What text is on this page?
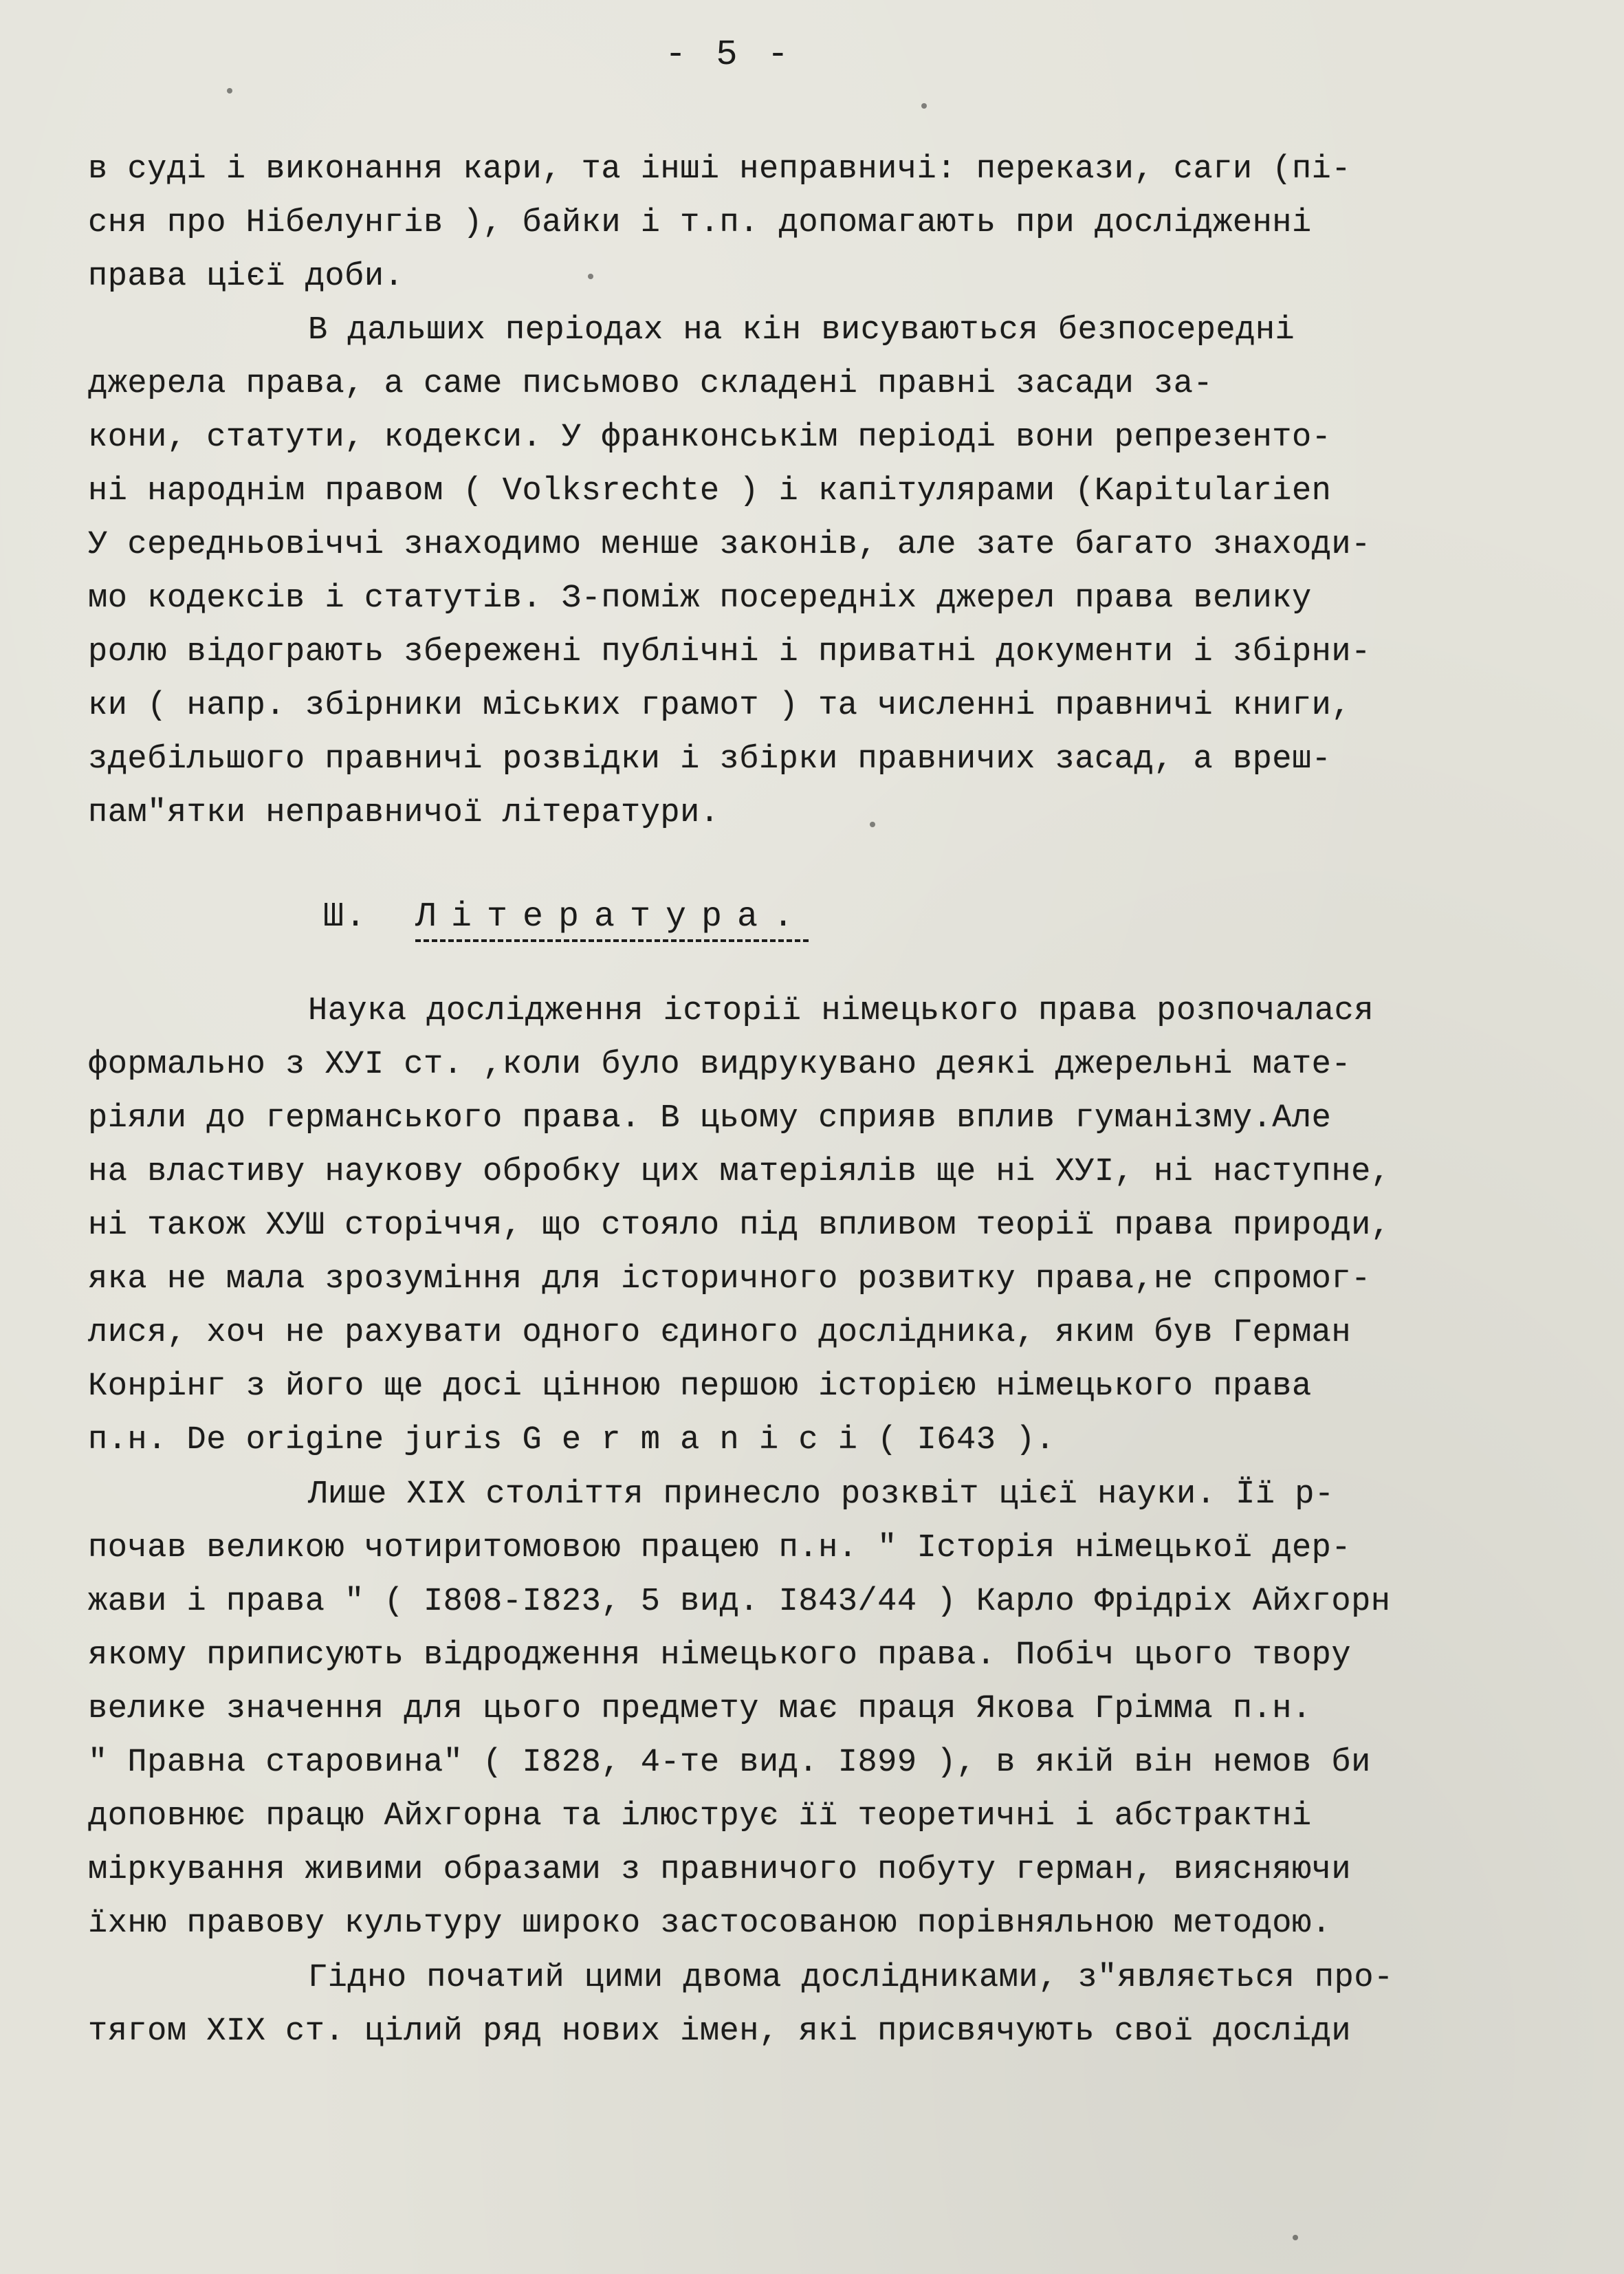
- 5 -
в суді і виконання кари, та інші неправничі: перекази, саги (пі-
сня про Нібелунгів ), байки і т.п. допомагають при дослідженні
права цієї доби.
В дальших періодах на кін висуваються безпосередні
джерела права, а саме письмово складені правні засади за-
кони, статути, кодекси. У франконськім періоді вони репрезенто-
ні народнім правом ( Volksrechte ) і капітулярами (Kapitularien
У середньовіччі знаходимо менше законів, але зате багато знаходи-
мо кодексів і статутів. З-поміж посередніх джерел права велику
ролю відограють збережені публічні і приватні документи і збірни-
ки ( напр. збірники міських грамот ) та численні правничі книги,
здебільшого правничі розвідки і збірки правничих засад, а вреш-
пам"ятки неправничої літератури.
Ш. Література.
Наука дослідження історії німецького права розпочалася
формально з ХУІ ст. ,коли було видрукувано деякі джерельні мате-
ріяли до германського права. В цьому сприяв вплив гуманізму.Але
на властиву наукову обробку цих матеріялів ще ні ХУІ, ні наступне,
ні також ХУШ сторіччя, що стояло під впливом теорії права природи,
яка не мала зрозуміння для історичного розвитку права,не спромог-
лися, хоч не рахувати одного єдиного дослідника, яким був Герман
Конрінг з його ще досі цінною першою історією німецького права
п.н. De origine juris G e r m a n i c i ( I643 ).
Лише XIX століття принесло розквіт цієї науки. Її р-
почав великою чотиритомовою працею п.н. " Історія німецької дер-
жави і права " ( I808-I823, 5 вид. I843/44 ) Карло Фрідріх Айхгорн
якому приписують відродження німецького права. Побіч цього твору
велике значення для цього предмету має праця Якова Грімма п.н.
" Правна старовина" ( I828, 4-те вид. I899 ), в якій він немов би
доповнює працю Айхгорна та ілюструє її теоретичні і абстрактні
міркування живими образами з правничого побуту герман, виясняючи
їхню правову культуру широко застосованою порівняльною методою.
Гідно початий цими двома дослідниками, з"являється про-
тягом XIX ст. цілий ряд нових імен, які присвячують свої досліди
